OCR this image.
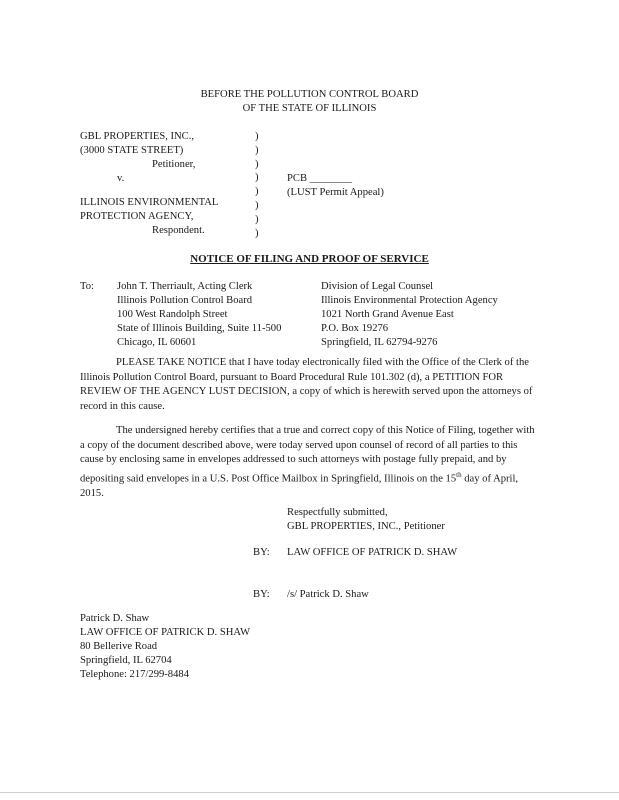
BEFORE THE POLLUTION CONTROL BOARD
OF THE STATE OF ILLINOIS
GBL PROPERTIES, INC.,
(3000 STATE STREET)
Petitioner,
v.
ILLINOIS ENVIRONMENTAL
PROTECTION AGENCY,
Respondent.
)
)
)
)
)
)
)
)
PCB ________
(LUST Permit Appeal)
NOTICE OF FILING AND PROOF OF SERVICE
To: John T. Therriault, Acting Clerk
Illinois Pollution Control Board
100 West Randolph Street
State of Illinois Building, Suite 11-500
Chicago, IL 60601
Division of Legal Counsel
Illinois Environmental Protection Agency
1021 North Grand Avenue East
P.O. Box 19276
Springfield, IL 62794-9276
PLEASE TAKE NOTICE that I have today electronically filed with the Office of the Clerk of the Illinois Pollution Control Board, pursuant to Board Procedural Rule 101.302 (d), a PETITION FOR REVIEW OF THE AGENCY LUST DECISION, a copy of which is herewith served upon the attorneys of record in this cause.
The undersigned hereby certifies that a true and correct copy of this Notice of Filing, together with a copy of the document described above, were today served upon counsel of record of all parties to this cause by enclosing same in envelopes addressed to such attorneys with postage fully prepaid, and by depositing said envelopes in a U.S. Post Office Mailbox in Springfield, Illinois on the 15th day of April, 2015.
Respectfully submitted,
GBL PROPERTIES, INC., Petitioner
BY: LAW OFFICE OF PATRICK D. SHAW
BY: /s/ Patrick D. Shaw
Patrick D. Shaw
LAW OFFICE OF PATRICK D. SHAW
80 Bellerive Road
Springfield, IL 62704
Telephone: 217/299-8484
